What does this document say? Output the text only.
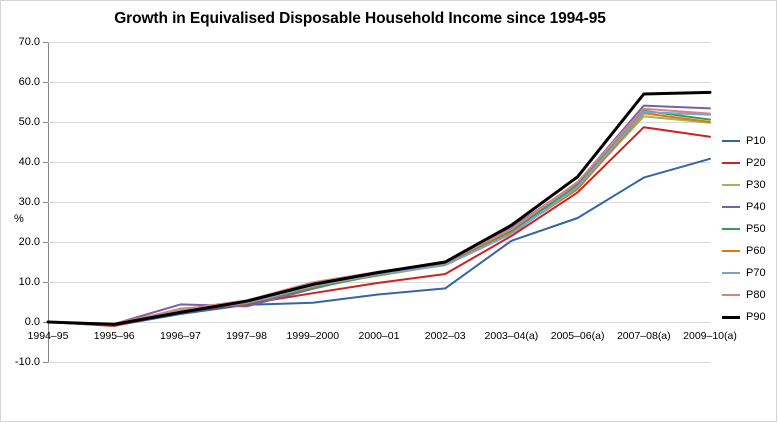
Growth in Equivalised Disposable Household Income since 1994-95
%
70.0
60.0
50.0
40.0
30.0
20.0
10.0
0.0
-10.0
1994–95 1995–96 1996–97 1997–98 1999–2000 2000–01 2002–03 2003–04(a) 2005–06(a) 2007–08(a) 2009–10(a)
P10
P20
P30
P40
P50
P60
P70
P80
P90
